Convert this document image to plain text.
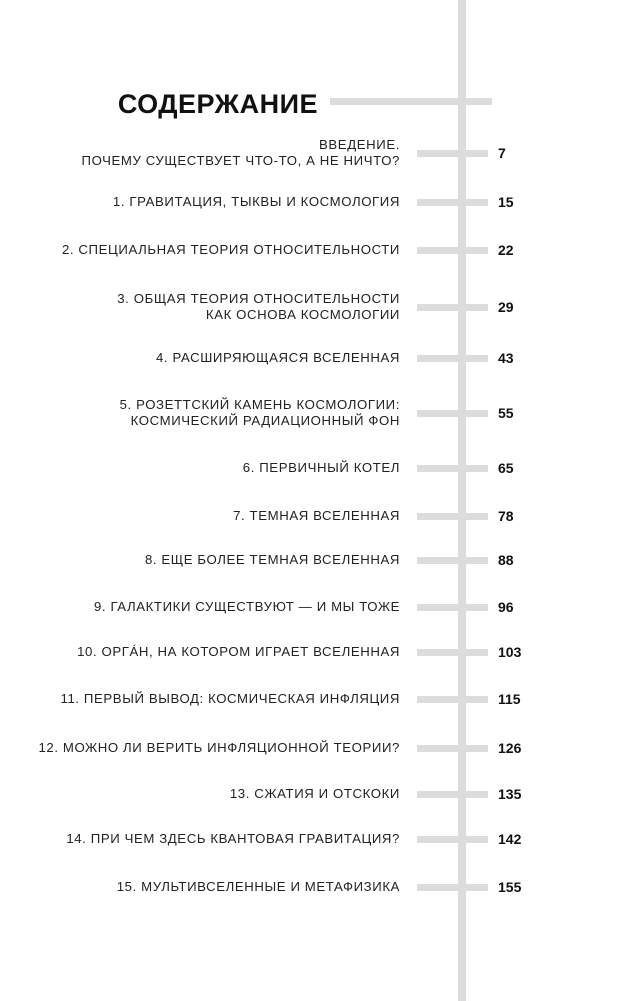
СОДЕРЖАНИЕ
ВВЕДЕНИЕ.
ПОЧЕМУ СУЩЕСТВУЕТ ЧТО-ТО, А НЕ НИЧТО?	7
1. ГРАВИТАЦИЯ, ТЫКВЫ И КОСМОЛОГИЯ	15
2. СПЕЦИАЛЬНАЯ ТЕОРИЯ ОТНОСИТЕЛЬНОСТИ	22
3. ОБЩАЯ ТЕОРИЯ ОТНОСИТЕЛЬНОСТИ
КАК ОСНОВА КОСМОЛОГИИ	29
4. РАСШИРЯЮЩАЯСЯ ВСЕЛЕННАЯ	43
5. РОЗЕТТСКИЙ КАМЕНЬ КОСМОЛОГИИ:
КОСМИЧЕСКИЙ РАДИАЦИОННЫЙ ФОН	55
6. ПЕРВИЧНЫЙ КОТЕЛ	65
7. ТЕМНАЯ ВСЕЛЕННАЯ	78
8. ЕЩЕ БОЛЕЕ ТЕМНАЯ ВСЕЛЕННАЯ	88
9. ГАЛАКТИКИ СУЩЕСТВУЮТ — И МЫ ТОЖЕ	96
10. ОРГÁН, НА КОТОРОМ ИГРАЕТ ВСЕЛЕННАЯ	103
11. ПЕРВЫЙ ВЫВОД: КОСМИЧЕСКАЯ ИНФЛЯЦИЯ	115
12. МОЖНО ЛИ ВЕРИТЬ ИНФЛЯЦИОННОЙ ТЕОРИИ?	126
13. СЖАТИЯ И ОТСКОКИ	135
14. ПРИ ЧЕМ ЗДЕСЬ КВАНТОВАЯ ГРАВИТАЦИЯ?	142
15. МУЛЬТИВСЕЛЕННЫЕ И МЕТАФИЗИКА	155
